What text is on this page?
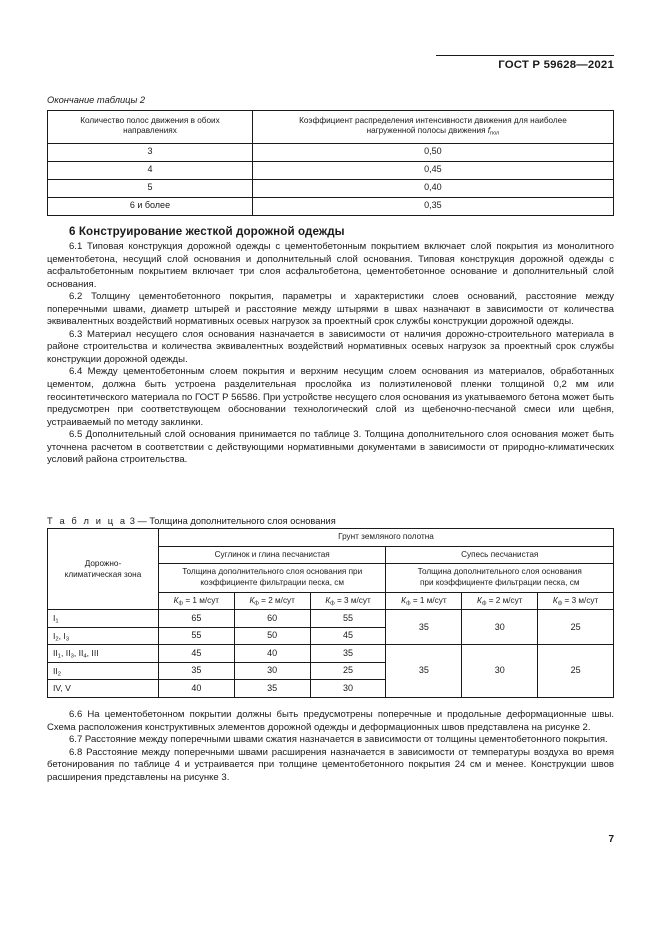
ГОСТ Р 59628—2021
Окончание таблицы 2
Количество полос движения в обоих направлениях	Коэффициент распределения интенсивности движения для наиболее
нагруженной полосы движения $f_{пол}$
3	0,50
4	0,45
5	0,40
6 и более	0,35
6 Конструирование жесткой дорожной одежды

6.1 Типовая конструкция дорожной одежды с цементобетонным покрытием включает слой покрытия из монолитного цементобетона, несущий слой основания и дополнительный слой основания. Типовая конструкция дорожной одежды с асфальтобетонным покрытием включает три слоя асфальтобетона, цементобетонное основание и дополнительный слой основания.

6.2 Толщину цементобетонного покрытия, параметры и характеристики слоев оснований, расстояние между поперечными швами, диаметр штырей и расстояние между штырями в швах назначают в зависимости от количества эквивалентных воздействий нормативных осевых нагрузок за проектный срок службы конструкции дорожной одежды.

6.3 Материал несущего слоя основания назначается в зависимости от наличия дорожно-строительного материала в районе строительства и количества эквивалентных воздействий нормативных осевых нагрузок за проектный срок службы конструкции дорожной одежды.

6.4 Между цементобетонным слоем покрытия и верхним несущим слоем основания из материалов, обработанных цементом, должна быть устроена разделительная прослойка из полиэтиленовой пленки толщиной 0,2 мм или геосинтетического материала по ГОСТ Р 56586. При устройстве несущего слоя основания из укатываемого бетона может быть предусмотрен при соответствующем обосновании технологический слой из щебеночно-песчаной смеси или щебня, устраиваемый по методу заклинки.

6.5 Дополнительный слой основания принимается по таблице 3. Толщина дополнительного слоя основания может быть уточнена расчетом в соответствии с действующими нормативными документами в зависимости от природно-климатических условий района строительства.

Т а б л и ц а 3 — Толщина дополнительного слоя основания
Дорожно-
климатическая зона	Грунт земляного полотна					
	Суглинок и глина песчанистая			Супесь песчанистая		
	Толщина дополнительного слоя основания при
коэффициенте фильтрации песка, см			Толщина дополнительного слоя основания
при коэффициенте фильтрации песка, см		
	$К_ф = 1$ м/сут	$К_ф = 2$ м/сут	$К_ф = 3$ м/сут	$К_ф = 1$ м/сут	$К_ф = 2$ м/сут	$К_ф = 3$ м/сут
$I_1$	65	60	55	35	30	25
$I_2$, $I_3$	55	50	45			
$II_1$, $II_3$, $II_4$, III	45	40	35	35	30	25
$II_2$	35	30	25			
IV, V	40	35	30			

6.6 На цементобетонном покрытии должны быть предусмотрены поперечные и продольные деформационные швы. Схема расположения конструктивных элементов дорожной одежды и деформационных швов представлена на рисунке 2.

6.7 Расстояние между поперечными швами сжатия назначается в зависимости от толщины цементобетонного покрытия.

6.8 Расстояние между поперечными швами расширения назначается в зависимости от температуры воздуха во время бетонирования по таблице 4 и устраивается при толщине цементобетонного покрытия 24 см и менее. Конструкции швов расширения представлены на рисунке 3.

7
